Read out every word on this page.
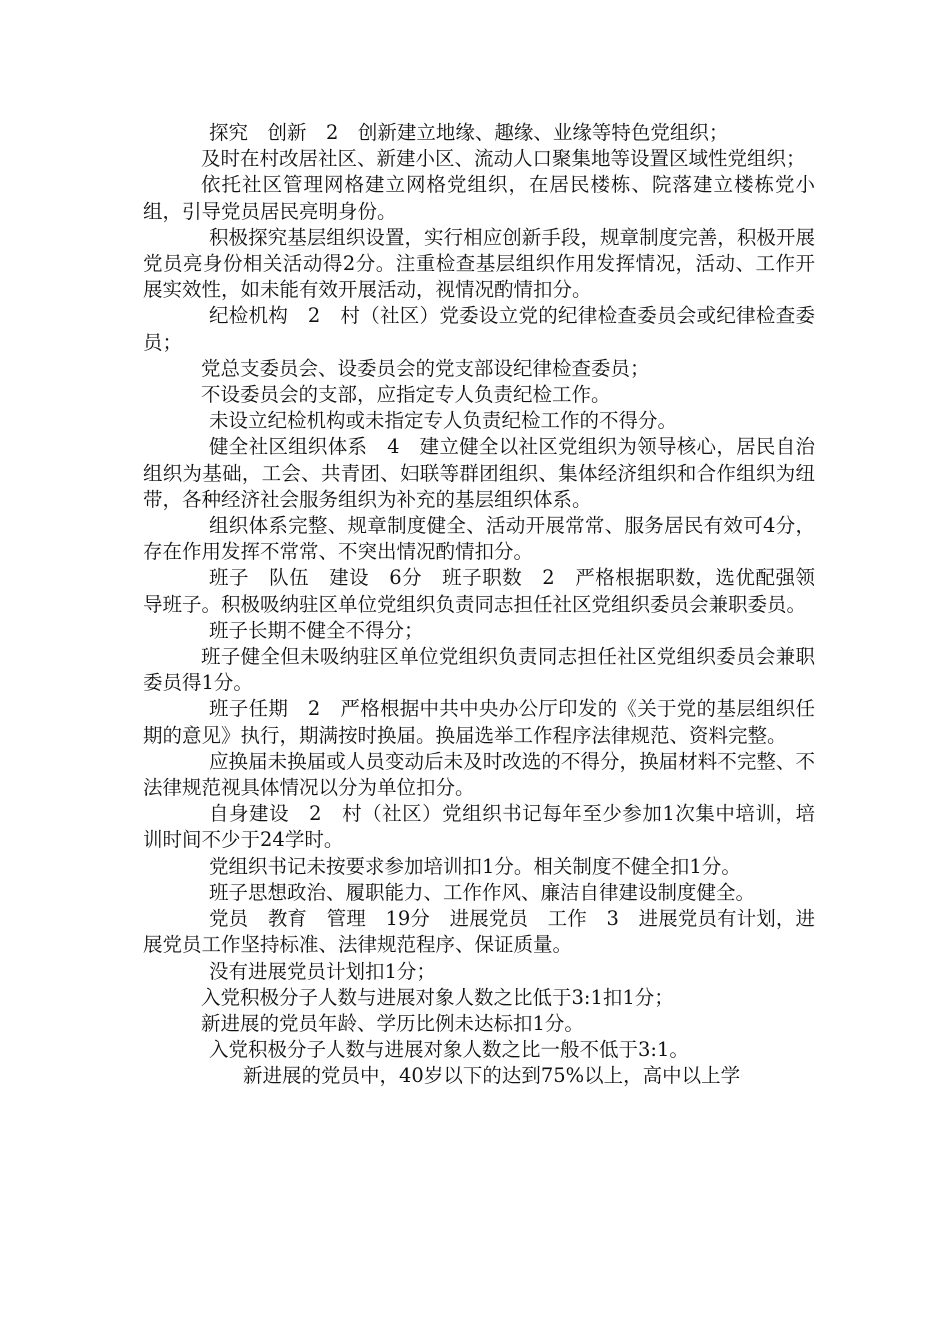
探究　创新　2　创新建立地缘、趣缘、业缘等特色党组织；

及时在村改居社区、新建小区、流动人口聚集地等设置区域性党组织；

依托社区管理网格建立网格党组织，在居民楼栋、院落建立楼栋党小组，引导党员居民亮明身份。

积极探究基层组织设置，实行相应创新手段，规章制度完善，积极开展党员亮身份相关活动得2分。注重检查基层组织作用发挥情况，活动、工作开展实效性，如未能有效开展活动，视情况酌情扣分。

纪检机构　2　村（社区）党委设立党的纪律检查委员会或纪律检查委员；

党总支委员会、设委员会的党支部设纪律检查委员；

不设委员会的支部，应指定专人负责纪检工作。

未设立纪检机构或未指定专人负责纪检工作的不得分。

健全社区组织体系　4　建立健全以社区党组织为领导核心，居民自治组织为基础，工会、共青团、妇联等群团组织、集体经济组织和合作组织为纽带，各种经济社会服务组织为补充的基层组织体系。

组织体系完整、规章制度健全、活动开展常常、服务居民有效可4分，存在作用发挥不常常、不突出情况酌情扣分。

班子　队伍　建设　6分　班子职数　2　严格根据职数，选优配强领导班子。积极吸纳驻区单位党组织负责同志担任社区党组织委员会兼职委员。

班子长期不健全不得分；

班子健全但未吸纳驻区单位党组织负责同志担任社区党组织委员会兼职委员得1分。

班子任期　2　严格根据中共中央办公厅印发的《关于党的基层组织任期的意见》执行，期满按时换届。换届选举工作程序法律规范、资料完整。

应换届未换届或人员变动后未及时改选的不得分，换届材料不完整、不法律规范视具体情况以分为单位扣分。

自身建设　2　村（社区）党组织书记每年至少参加1次集中培训，培训时间不少于24学时。

党组织书记未按要求参加培训扣1分。相关制度不健全扣1分。

班子思想政治、履职能力、工作作风、廉洁自律建设制度健全。

党员　教育　管理　19分　进展党员　工作　3　进展党员有计划，进展党员工作坚持标准、法律规范程序、保证质量。

没有进展党员计划扣1分；

入党积极分子人数与进展对象人数之比低于3:1扣1分；

新进展的党员年龄、学历比例未达标扣1分。

入党积极分子人数与进展对象人数之比一般不低于3:1。

新进展的党员中，40岁以下的达到75%以上，高中以上学
